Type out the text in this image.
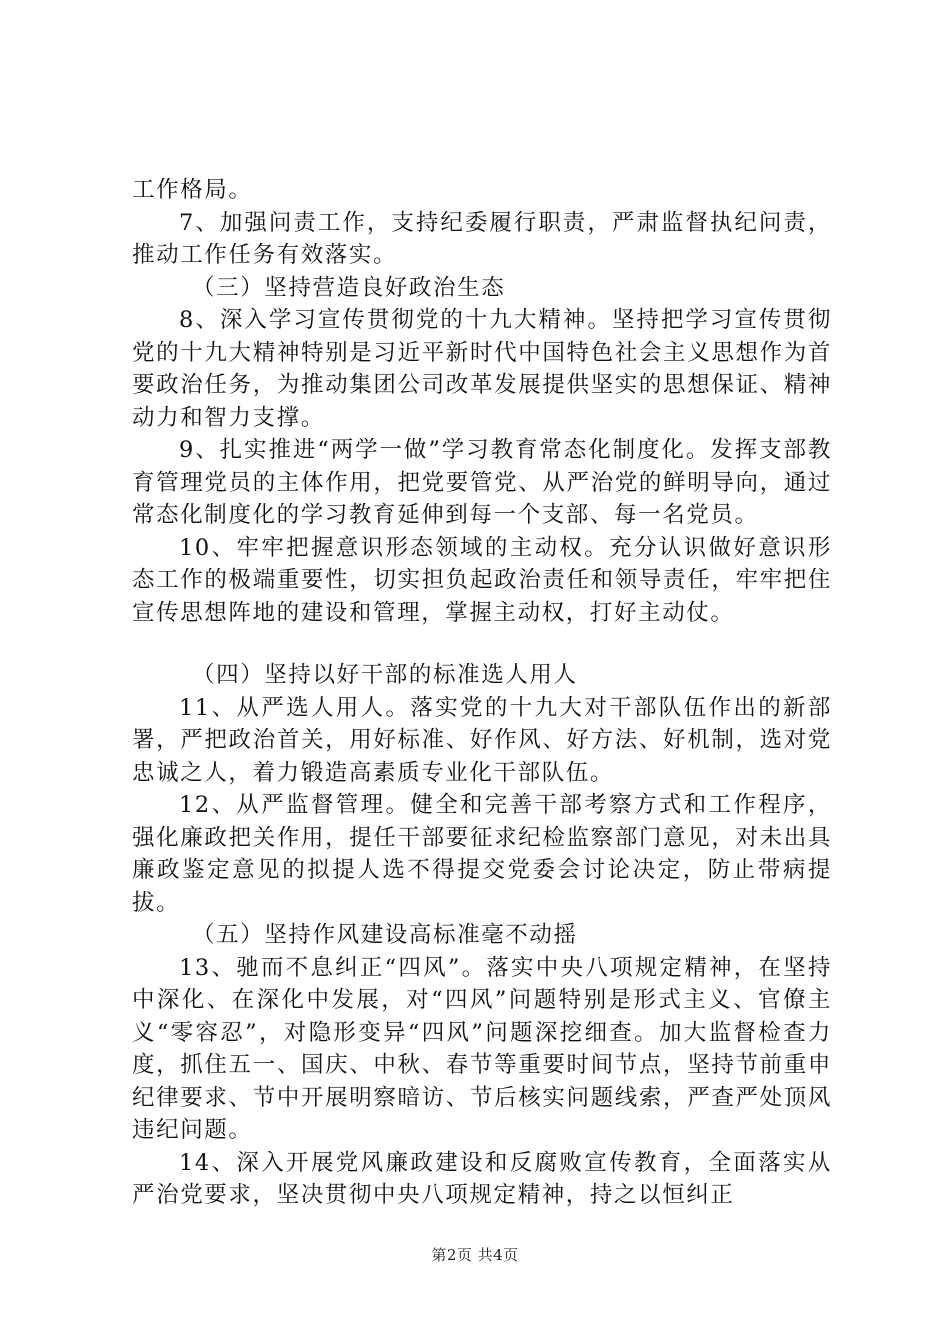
工作格局。

7、加强问责工作，支持纪委履行职责，严肃监督执纪问责，推动工作任务有效落实。

（三）坚持营造良好政治生态

8、深入学习宣传贯彻党的十九大精神。坚持把学习宣传贯彻党的十九大精神特别是习近平新时代中国特色社会主义思想作为首要政治任务，为推动集团公司改革发展提供坚实的思想保证、精神动力和智力支撑。

9、扎实推进“两学一做”学习教育常态化制度化。发挥支部教育管理党员的主体作用，把党要管党、从严治党的鲜明导向，通过常态化制度化的学习教育延伸到每一个支部、每一名党员。

10、牢牢把握意识形态领域的主动权。充分认识做好意识形态工作的极端重要性，切实担负起政治责任和领导责任，牢牢把住宣传思想阵地的建设和管理，掌握主动权，打好主动仗。

（四）坚持以好干部的标准选人用人

11、从严选人用人。落实党的十九大对干部队伍作出的新部署，严把政治首关，用好标准、好作风、好方法、好机制，选对党忠诚之人，着力锻造高素质专业化干部队伍。

12、从严监督管理。健全和完善干部考察方式和工作程序，强化廉政把关作用，提任干部要征求纪检监察部门意见，对未出具廉政鉴定意见的拟提人选不得提交党委会讨论决定，防止带病提拔。

（五）坚持作风建设高标准毫不动摇

13、驰而不息纠正“四风”。落实中央八项规定精神，在坚持中深化、在深化中发展，对“四风”问题特别是形式主义、官僚主义“零容忍”，对隐形变异“四风”问题深挖细查。加大监督检查力度，抓住五一、国庆、中秋、春节等重要时间节点，坚持节前重申纪律要求、节中开展明察暗访、节后核实问题线索，严查严处顶风违纪问题。

14、深入开展党风廉政建设和反腐败宣传教育，全面落实从严治党要求，坚决贯彻中央八项规定精神，持之以恒纠正

第2页 共4页
